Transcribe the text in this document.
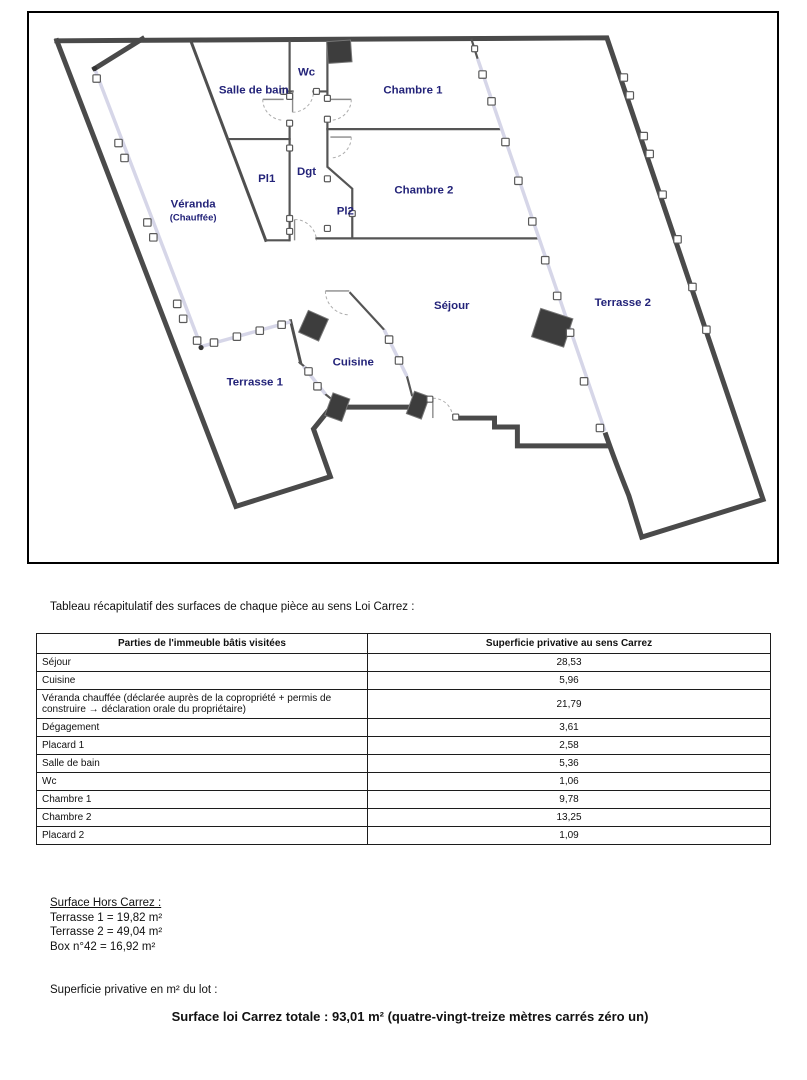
Véranda
(Chauffée)
Salle de bain
Wc
Chambre 1
Pl1
Dgt
Pl2
Chambre 2
Séjour
Cuisine
Terrasse 1
Terrasse 2
Tableau récapitulatif des surfaces de chaque pièce au sens Loi Carrez :
Parties de l'immeuble bâtis visitées	Superficie privative au sens Carrez
Séjour	28,53
Cuisine	5,96
Véranda chauffée (déclarée auprès de la copropriété + permis de construire → déclaration orale du propriétaire)	21,79
Dégagement	3,61
Placard 1	2,58
Salle de bain	5,36
Wc	1,06
Chambre 1	9,78
Chambre 2	13,25
Placard 2	1,09
Surface Hors Carrez :
Terrasse 1 = 19,82 m²
Terrasse 2 = 49,04 m²
Box n°42 = 16,92 m²
Superficie privative en m² du lot :
Surface loi Carrez totale : 93,01 m² (quatre-vingt-treize mètres carrés zéro un)
